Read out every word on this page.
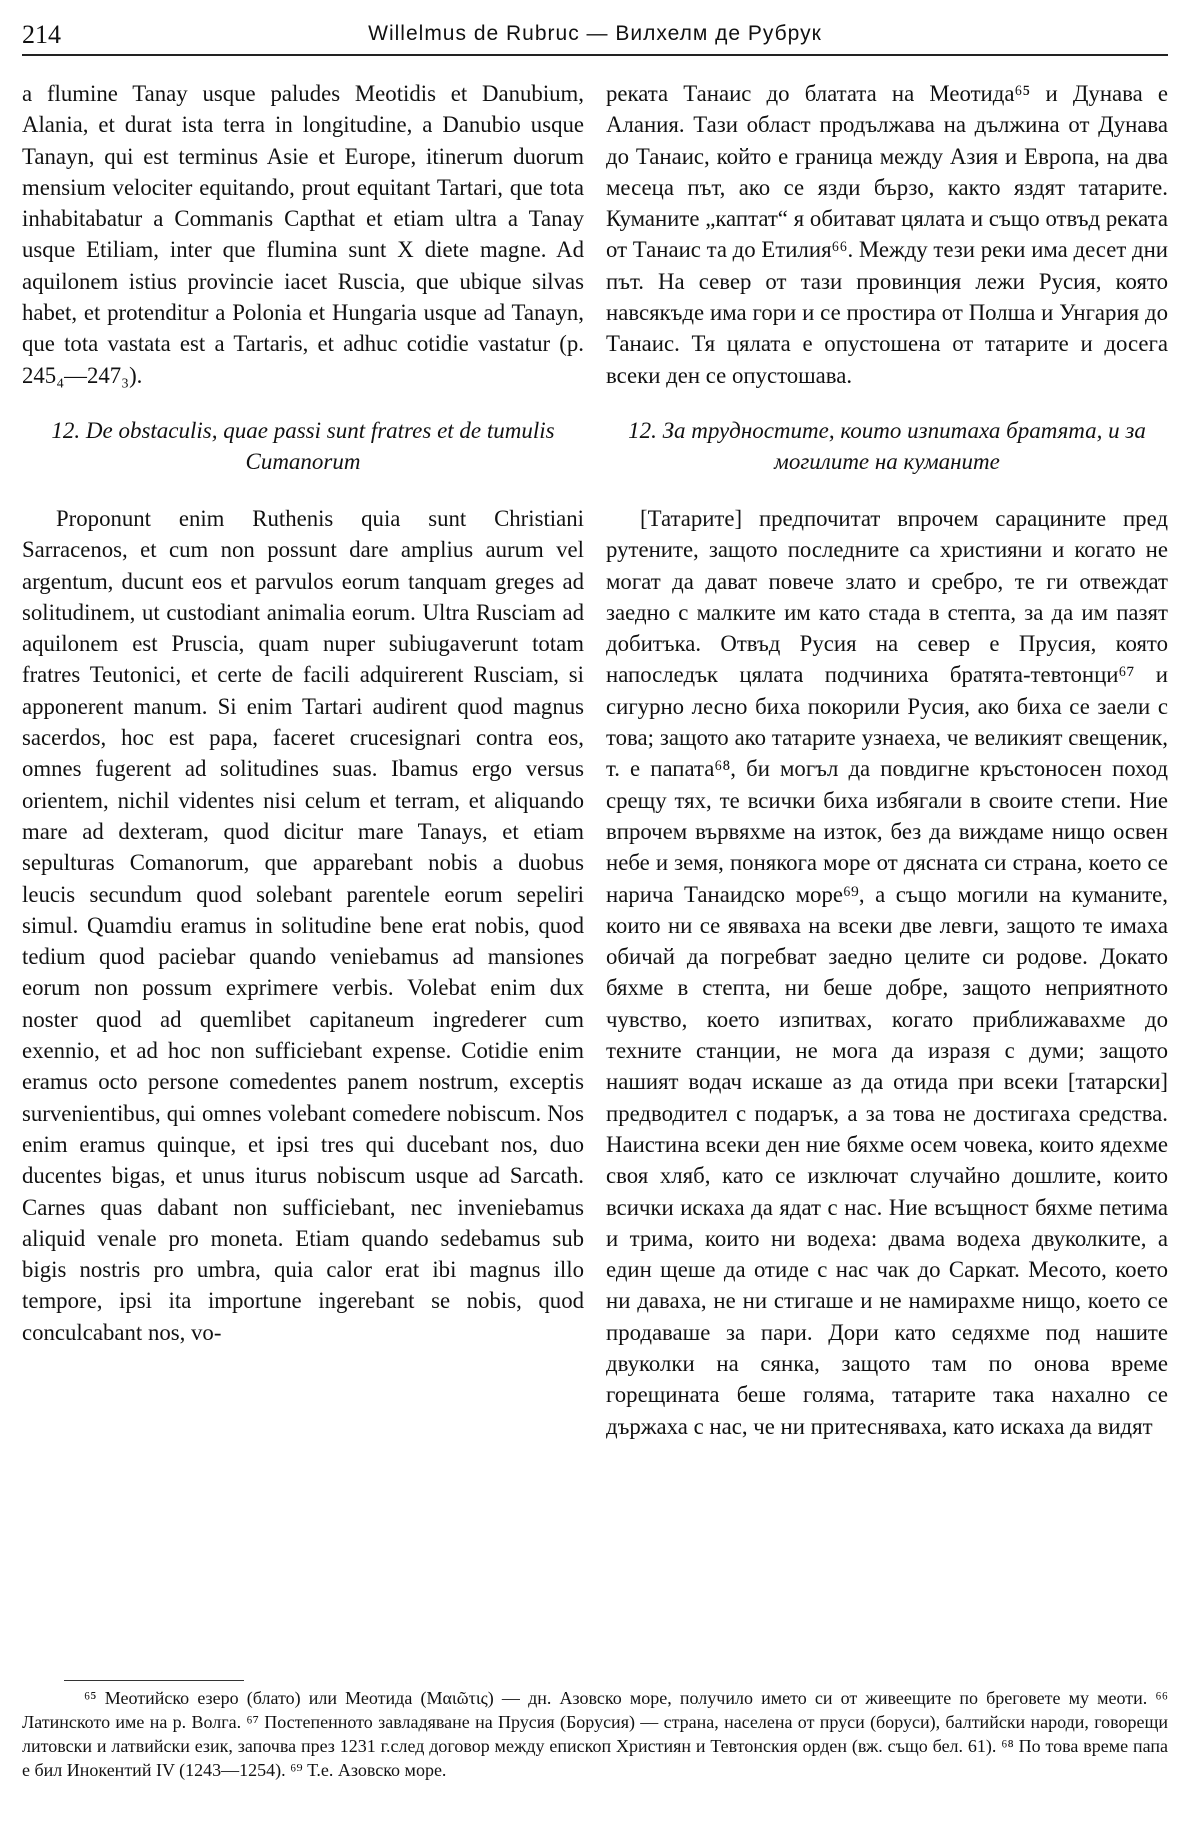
214	Willelmus de Rubruc — Вилхелм де Рубрук

a flumine Tanay usque paludes Meotidis et Danubium, Alania, et durat ista terra in longitudine, a Danubio usque Tanayn, qui est terminus Asie et Europe, itinerum duorum mensium velociter equitando, prout equitant Tartari, que tota inhabitabatur a Commanis Capthat et etiam ultra a Tanay usque Etiliam, inter que flumina sunt X diete magne. Ad aquilonem istius provincie iacet Ruscia, que ubique silvas habet, et protenditur a Polonia et Hungaria usque ad Tanayn, que tota vastata est a Tartaris, et adhuc cotidie vastatur (p. 245₄—247₃).

12. De obstaculis, quae passi sunt fratres et de tumulis Cumanorum

Proponunt enim Ruthenis quia sunt Christiani Sarracenos, et cum non possunt dare amplius aurum vel argentum, ducunt eos et parvulos eorum tanquam greges ad solitudinem, ut custodiant animalia eorum. Ultra Rusciam ad aquilonem est Pruscia, quam nuper subiugaverunt totam fratres Teutonici, et certe de facili adquirerent Rusciam, si apponerent manum. Si enim Tartari audirent quod magnus sacerdos, hoc est papa, faceret crucesignari contra eos, omnes fugerent ad solitudines suas. Ibamus ergo versus orientem, nichil videntes nisi celum et terram, et aliquando mare ad dexteram, quod dicitur mare Tanays, et etiam sepulturas Comanorum, que apparebant nobis a duobus leucis secundum quod solebant parentele eorum sepeliri simul. Quamdiu eramus in solitudine bene erat nobis, quod tedium quod paciebar quando veniebamus ad mansiones eorum non possum exprimere verbis. Volebat enim dux noster quod ad quemlibet capitaneum ingrederer cum exennio, et ad hoc non sufficiebant expense. Cotidie enim eramus octo persone comedentes panem nostrum, exceptis survenientibus, qui omnes volebant comedere nobiscum. Nos enim eramus quinque, et ipsi tres qui ducebant nos, duo ducentes bigas, et unus iturus nobiscum usque ad Sarcath. Carnes quas dabant non sufficiebant, nec inveniebamus aliquid venale pro moneta. Etiam quando sedebamus sub bigis nostris pro umbra, quia calor erat ibi magnus illo tempore, ipsi ita importune ingerebant se nobis, quod conculcabant nos, vo-

реката Танаис до блатата на Меотида⁶⁵ и Дунава е Алания. Тази област продължава на дължина от Дунава до Танаис, който е граница между Азия и Европа, на два месеца път, ако се язди бързо, както яздят татарите. Куманите „каптат“ я обитават цялата и също отвъд реката от Танаис та до Етилия⁶⁶. Между тези реки има десет дни път. На север от тази провинция лежи Русия, която навсякъде има гори и се простира от Полша и Унгария до Танаис. Тя цялата е опустошена от татарите и досега всеки ден се опустошава.

12. За трудностите, които изпитаха братята, и за могилите на куманите

[Татарите] предпочитат впрочем сарацините пред рутените, защото последните са християни и когато не могат да дават повече злато и сребро, те ги отвеждат заедно с малките им като стада в степта, за да им пазят добитъка. Отвъд Русия на север е Прусия, която напоследък цялата подчиниха братята-тевтонци⁶⁷ и сигурно лесно биха покорили Русия, ако биха се заели с това; защото ако татарите узнаеха, че великият свещеник, т. е папата⁶⁸, би могъл да повдигне кръстоносен поход срещу тях, те всички биха избягали в своите степи. Ние впрочем вървяхме на изток, без да виждаме нищо освен небе и земя, понякога море от дясната си страна, което се нарича Танаидско море⁶⁹, а също могили на куманите, които ни се явяваха на всеки две левги, защото те имаха обичай да погребват заедно целите си родове. Докато бяхме в степта, ни беше добре, защото неприятното чувство, което изпитвах, когато приближавахме до техните станции, не мога да изразя с думи; защото нашият водач искаше аз да отида при всеки [татарски] предводител с подарък, а за това не достигаха средства. Наистина всеки ден ние бяхме осем човека, които ядехме своя хляб, като се изключат случайно дошлите, които всички искаха да ядат с нас. Ние всъщност бяхме петима и трима, които ни водеха: двама водеха двуколките, а един щеше да отиде с нас чак до Саркат. Месото, което ни даваха, не ни стигаше и не намирахме нищо, което се продаваше за пари. Дори като седяхме под нашите двуколки на сянка, защото там по онова време горещината беше голяма, татарите така нахално се държаха с нас, че ни притесняваха, като искаха да видят

⁶⁵ Меотийско езеро (блато) или Меотида (Μαιῶτις) — дн. Азовско море, получило името си от живеещите по бреговете му меоти. ⁶⁶ Латинското име на р. Волга. ⁶⁷ Постепенното завладяване на Прусия (Борусия) — страна, населена от пруси (боруси), балтийски народи, говорещи литовски и латвийски език, започва през 1231 г.след договор между епископ Християн и Тевтонския орден (вж. също бел. 61). ⁶⁸ По това време папа е бил Инокентий IV (1243—1254). ⁶⁹ Т.е. Азовско море.
